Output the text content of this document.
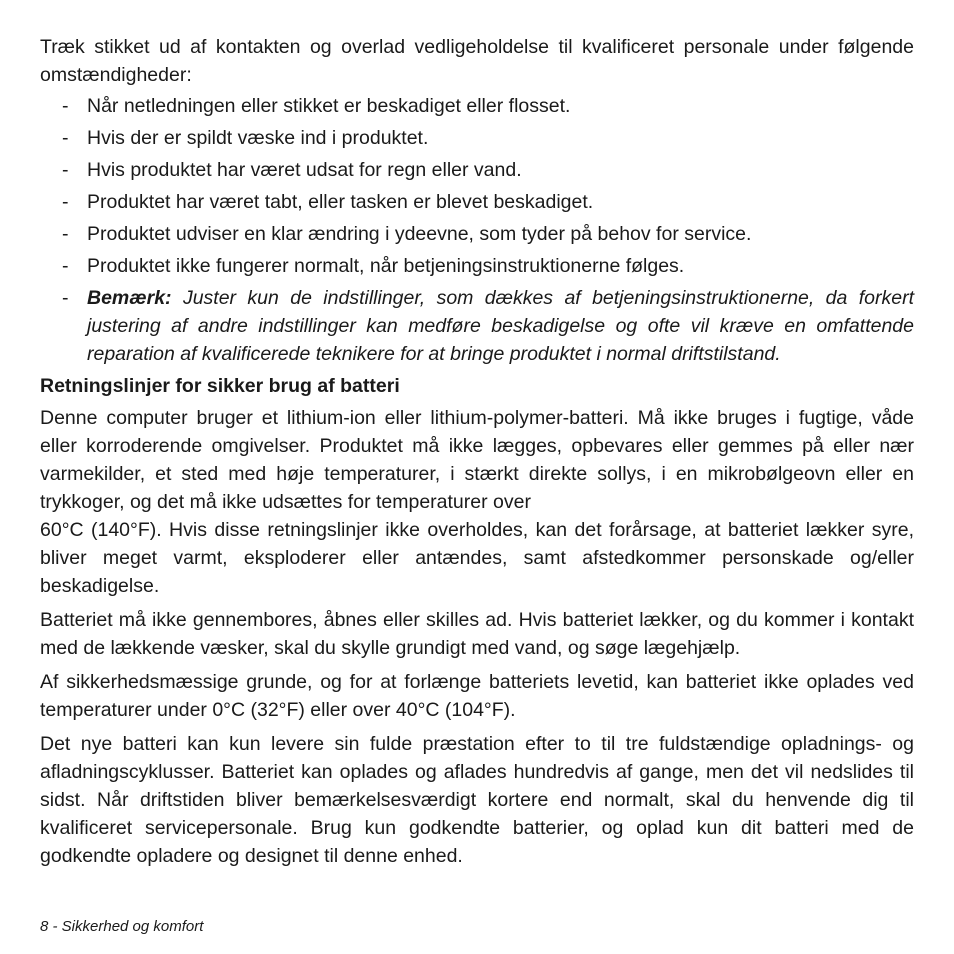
Træk stikket ud af kontakten og overlad vedligeholdelse til kvalificeret personale under følgende omstændigheder:

- Når netledningen eller stikket er beskadiget eller flosset.
- Hvis der er spildt væske ind i produktet.
- Hvis produktet har været udsat for regn eller vand.
- Produktet har været tabt, eller tasken er blevet beskadiget.
- Produktet udviser en klar ændring i ydeevne, som tyder på behov for service.
- Produktet ikke fungerer normalt, når betjeningsinstruktionerne følges.
- Bemærk: Juster kun de indstillinger, som dækkes af betjeningsinstruktionerne, da forkert justering af andre indstillinger kan medføre beskadigelse og ofte vil kræve en omfattende reparation af kvalificerede teknikere for at bringe produktet i normal driftstilstand.
Retningslinjer for sikker brug af batteri

Denne computer bruger et lithium-ion eller lithium-polymer-batteri. Må ikke bruges i fugtige, våde eller korroderende omgivelser. Produktet må ikke lægges, opbevares eller gemmes på eller nær varmekilder, et sted med høje temperaturer, i stærkt direkte sollys, i en mikrobølgeovn eller en trykkoger, og det må ikke udsættes for temperaturer over

60°C (140°F). Hvis disse retningslinjer ikke overholdes, kan det forårsage, at batteriet lækker syre, bliver meget varmt, eksploderer eller antændes, samt afstedkommer personskade og/eller beskadigelse.

Batteriet må ikke gennembores, åbnes eller skilles ad. Hvis batteriet lækker, og du kommer i kontakt med de lækkende væsker, skal du skylle grundigt med vand, og søge lægehjælp.

Af sikkerhedsmæssige grunde, og for at forlænge batteriets levetid, kan batteriet ikke oplades ved temperaturer under 0°C (32°F) eller over 40°C (104°F).

Det nye batteri kan kun levere sin fulde præstation efter to til tre fuldstændige opladnings- og afladningscyklusser. Batteriet kan oplades og aflades hundredvis af gange, men det vil nedslides til sidst. Når driftstiden bliver bemærkelsesværdigt kortere end normalt, skal du henvende dig til kvalificeret servicepersonale. Brug kun godkendte batterier, og oplad kun dit batteri med de godkendte opladere og designet til denne enhed.

8 - Sikkerhed og komfort
